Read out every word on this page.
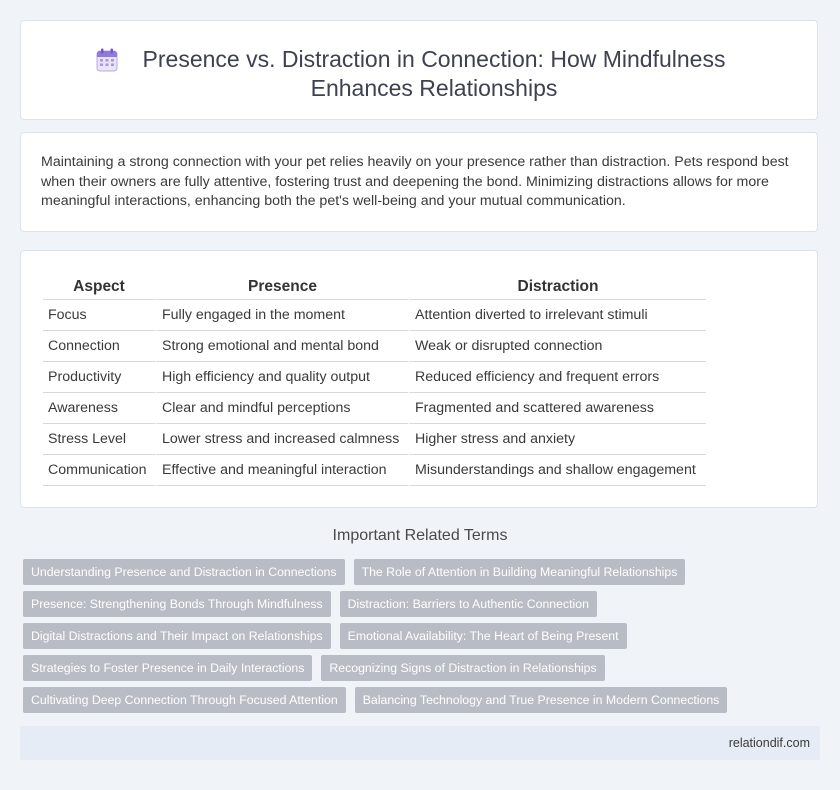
Presence vs. Distraction in Connection: How Mindfulness Enhances Relationships
Maintaining a strong connection with your pet relies heavily on your presence rather than distraction. Pets respond best when their owners are fully attentive, fostering trust and deepening the bond. Minimizing distractions allows for more meaningful interactions, enhancing both the pet's well-being and your mutual communication.
Aspect	Presence	Distraction
Focus	Fully engaged in the moment	Attention diverted to irrelevant stimuli
Connection	Strong emotional and mental bond	Weak or disrupted connection
Productivity	High efficiency and quality output	Reduced efficiency and frequent errors
Awareness	Clear and mindful perceptions	Fragmented and scattered awareness
Stress Level	Lower stress and increased calmness	Higher stress and anxiety
Communication	Effective and meaningful interaction	Misunderstandings and shallow engagement
Important Related Terms
Understanding Presence and Distraction in Connections	The Role of Attention in Building Meaningful Relationships
Presence: Strengthening Bonds Through Mindfulness	Distraction: Barriers to Authentic Connection
Digital Distractions and Their Impact on Relationships	Emotional Availability: The Heart of Being Present
Strategies to Foster Presence in Daily Interactions	Recognizing Signs of Distraction in Relationships
Cultivating Deep Connection Through Focused Attention	Balancing Technology and True Presence in Modern Connections
relationdif.com
